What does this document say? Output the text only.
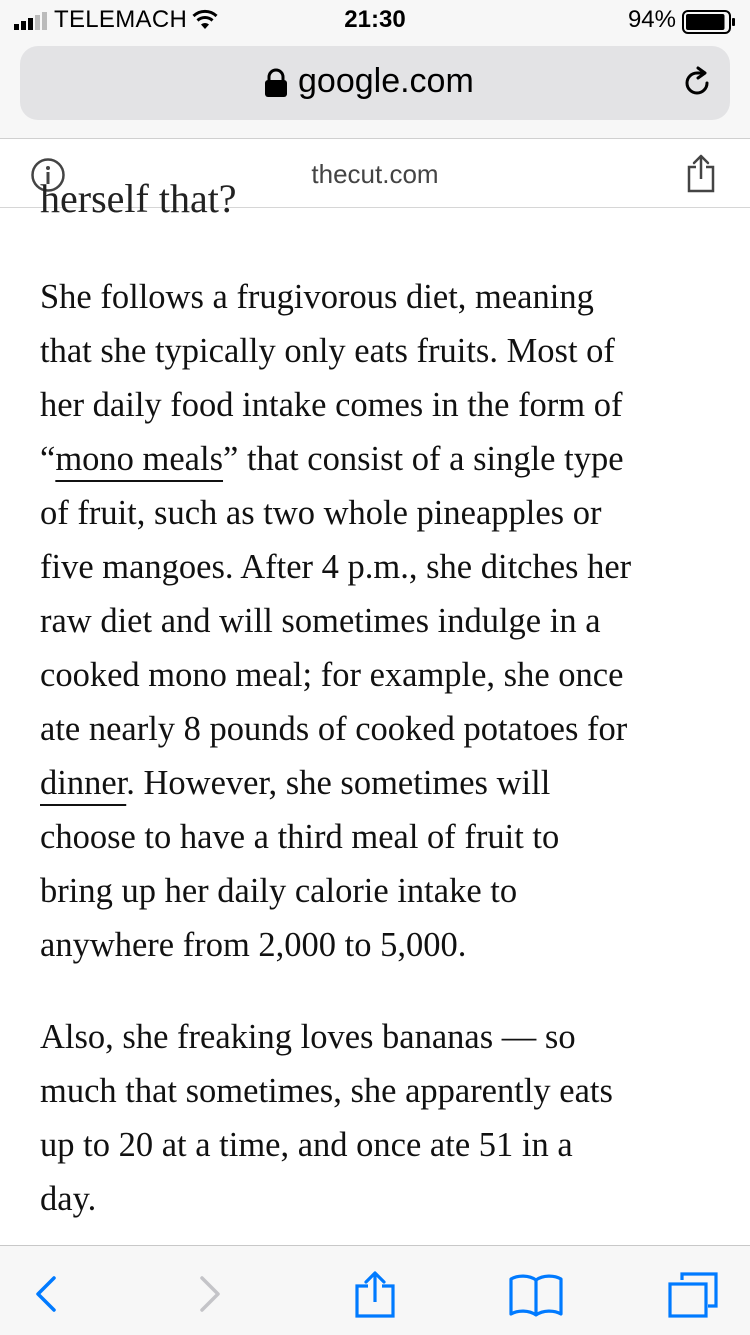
TELEMACH	21:30	94%
google.com
thecut.com
herself that?

She follows a frugivorous diet, meaning
that she typically only eats fruits. Most of
her daily food intake comes in the form of
“mono meals” that consist of a single type
of fruit, such as two whole pineapples or
five mangoes. After 4 p.m., she ditches her
raw diet and will sometimes indulge in a
cooked mono meal; for example, she once
ate nearly 8 pounds of cooked potatoes for
dinner. However, she sometimes will
choose to have a third meal of fruit to
bring up her daily calorie intake to
anywhere from 2,000 to 5,000.

Also, she freaking loves bananas — so
much that sometimes, she apparently eats
up to 20 at a time, and once ate 51 in a
day.
